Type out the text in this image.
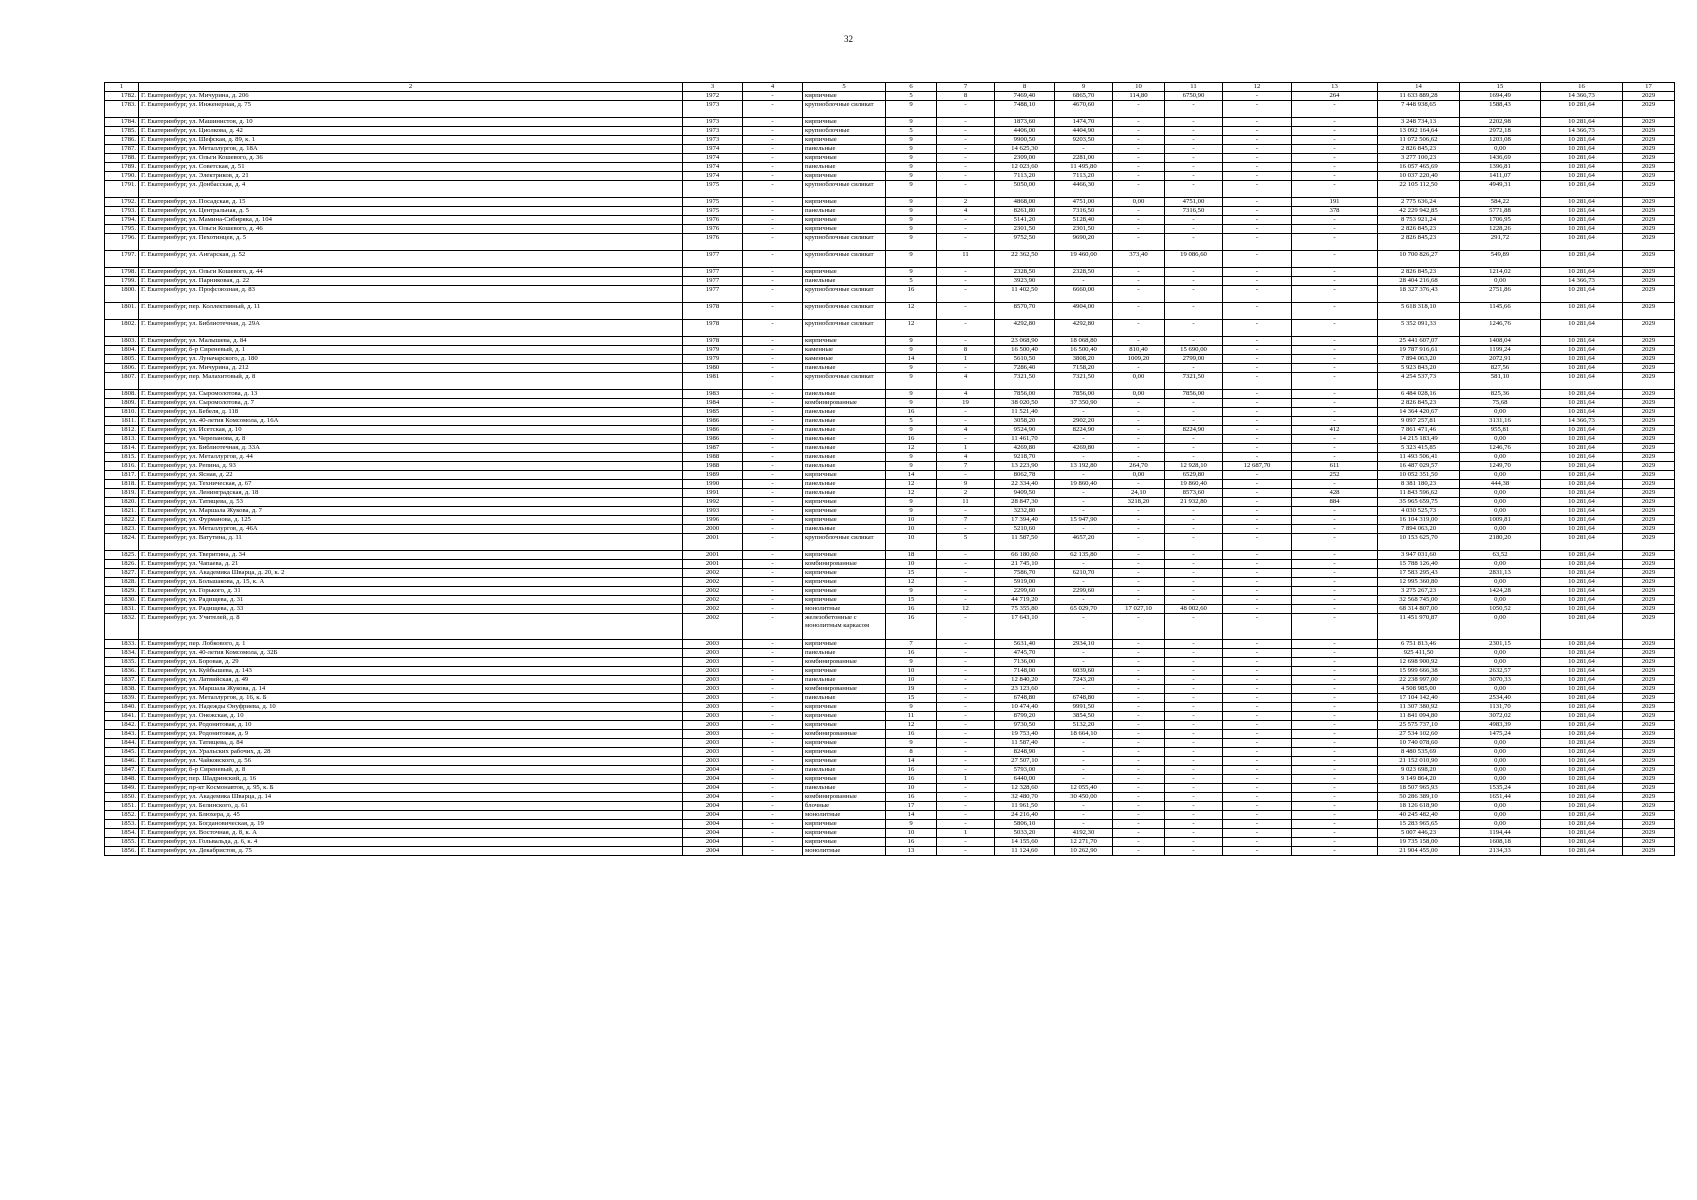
32
1	2	3	4	5	6	7	8	9	10	11	12	13	14	15	16	17
1782.	Г. Екатеринбург, ул. Мичурина, д. 206	1972	-	кирпичные	5	8	7469,40	6865,70	114,80	6750,90	-	264	11 633 889,28	1694,49	14 366,73	2029
1783.	Г. Екатеринбург, ул. Инженерная, д. 75	1973	-	крупноблочные силикат	9	-	7488,10	4670,60	-	-	-	-	7 448 938,65	1588,43	10 281,64	2029
1784.	Г. Екатеринбург, ул. Машинистов, д. 10	1973	-	кирпичные	9	-	1873,60	1474,70	-	-	-	-	3 248 734,13	2202,98	10 281,64	2029
1785.	Г. Екатеринбург, ул. Циолкова, д. 42	1973	-	крупноблочные	5	-	4406,00	4404,90	-	-	-	-	13 092 164,64	2972,18	14 366,73	2029
1786.	Г. Екатеринбург, ул. Шефская, д. 89, к. 1	1973	-	кирпичные	9	-	9900,50	9203,50	-	-	-	-	11 072 506,62	1203,08	10 281,64	2029
1787.	Г. Екатеринбург, ул. Металлургов, д. 18А	1974	-	панельные	9	-	14 625,30	-	-	-	-	-	2 826 845,23	0,00	10 281,64	2029
1788.	Г. Екатеринбург, ул. Ольги Кошевого, д. 36	1974	-	кирпичные	9	-	2309,00	2281,00	-	-	-	-	3 277 100,23	1436,69	10 281,64	2029
1789.	Г. Екатеринбург, ул. Советская, д. 51	1974	-	панельные	9	-	12 023,60	11 495,80	-	-	-	-	16 057 465,69	1396,81	10 281,64	2029
1790.	Г. Екатеринбург, ул. Электриков, д. 21	1974	-	кирпичные	9	-	7113,20	7113,20	-	-	-	-	10 037 220,40	1411,07	10 281,64	2029
1791.	Г. Екатеринбург, ул. Донбасская, д. 4	1975	-	крупноблочные силикат	9	-	5050,00	4466,30	-	-	-	-	22 105 112,50	4949,31	10 281,64	2029
1792.	Г. Екатеринбург, ул. Посадская, д. 15	1975	-	кирпичные	9	2	4868,00	4751,00	0,00	4751,00	-	191	2 775 636,24	584,22	10 281,64	2029
1793.	Г. Екатеринбург, ул. Центральная, д. 5	1975	-	панельные	9	4	8261,80	7316,50	-	7316,50	-	378	42 229 942,85	5771,88	10 281,64	2029
1794.	Г. Екатеринбург, ул. Мамина-Сибиряка, д. 104	1976	-	кирпичные	9	-	5141,20	5128,40	-	-	-	-	8 753 921,24	1706,95	10 281,64	2029
1795.	Г. Екатеринбург, ул. Ольги Кошевого, д. 46	1976	-	кирпичные	9	-	2301,50	2301,50	-	-	-	-	2 826 845,23	1228,26	10 281,64	2029
1796.	Г. Екатеринбург, ул. Пехотинцев, д. 5	1976	-	крупноблочные силикат	9	-	9752,50	9690,20	-	-	-	-	2 826 845,23	291,72	10 281,64	2029
1797.	Г. Екатеринбург, ул. Ангарская, д. 52	1977	-	крупноблочные силикат	9	11	22 362,50	19 460,00	373,40	19 086,60	-	-	10 700 826,27	549,89	10 281,64	2029
1798.	Г. Екатеринбург, ул. Ольги Кошевого, д. 44	1977	-	кирпичные	9	-	2328,50	2328,50	-	-	-	-	2 826 845,23	1214,02	10 281,64	2029
1799.	Г. Екатеринбург, ул. Парниковая, д. 22	1977	-	панельные	5	-	3923,90	-	-	-	-	-	28 404 216,68	0,00	14 366,73	2029
1800.	Г. Екатеринбург, ул. Профсоюзная, д. 83	1977	-	крупноблочные силикат	16	-	11 402,50	6660,00	-	-	-	-	18 327 376,43	2751,86	10 281,64	2029
1801.	Г. Екатеринбург, пер. Коллективный, д. 11	1978	-	крупноблочные силикат	12	-	8570,70	4904,00	-	-	-	-	5 618 318,10	1145,66	10 281,64	2029
1802.	Г. Екатеринбург, ул. Библиотечная, д. 29А	1978	-	крупноблочные силикат	12	-	4292,80	4292,80	-	-	-	-	5 352 091,33	1246,76	10 281,64	2029
1803.	Г. Екатеринбург, ул. Малышева, д. 84	1978	-	кирпичные	9	-	23 068,90	18 068,80	-	-	-	-	25 441 607,07	1408,04	10 281,64	2029
1804.	Г. Екатеринбург, б-р Сиреневый, д. 1	1979	-	каменные	9	8	16 500,40	16 500,40	810,40	15 690,00	-	-	19 787 916,61	1199,24	10 281,64	2029
1805.	Г. Екатеринбург, ул. Луначарского, д. 180	1979	-	каменные	14	1	5610,50	3808,20	1009,20	2799,00	-	-	7 894 063,20	2072,91	10 281,64	2029
1806.	Г. Екатеринбург, ул. Мичурина, д. 212	1980	-	панельные	9	-	7286,40	7158,20	-	-	-	-	5 923 843,20	827,56	10 281,64	2029
1807.	Г. Екатеринбург, пер. Малахитовый, д. 8	1981	-	крупноблочные силикат	9	4	7321,50	7321,50	0,00	7321,50	-	-	4 254 537,73	581,10	10 281,64	2029
1808.	Г. Екатеринбург, ул. Сыромолотова, д. 13	1983	-	панельные	9	4	7856,00	7856,00	0,00	7856,00	-	-	6 484 028,16	825,36	10 281,64	2029
1809.	Г. Екатеринбург, ул. Сыромолотова, д. 7	1984	-	комбинированные	9	19	38 020,50	37 350,90	-	-	-	-	2 826 845,23	75,68	10 281,64	2029
1810.	Г. Екатеринбург, ул. Бебеля, д. 118	1985	-	панельные	16	-	11 521,40	-	-	-	-	-	14 364 420,67	0,00	10 281,64	2029
1811.	Г. Екатеринбург, ул. 40-летия Комсомола, д. 16А	1986	-	панельные	5	-	3058,20	2902,20	-	-	-	-	9 097 257,81	3131,16	14 366,73	2029
1812.	Г. Екатеринбург, ул. Исетская, д. 10	1986	-	панельные	9	4	9524,90	8224,90	-	8224,90	-	412	7 861 471,46	955,81	10 281,64	2029
1813.	Г. Екатеринбург, ул. Черепанова, д. 8	1986	-	панельные	16	-	11 461,70	-	-	-	-	-	14 215 183,49	0,00	10 281,64	2029
1814.	Г. Екатеринбург, ул. Библиотечная, д. 33А	1987	-	панельные	12	1	4269,80	4269,80	-	-	-	-	5 323 415,85	1246,76	10 281,64	2029
1815.	Г. Екатеринбург, ул. Металлургов, д. 44	1988	-	панельные	9	4	9218,70	-	-	-	-	-	11 493 506,41	0,00	10 281,64	2029
1816.	Г. Екатеринбург, ул. Репина, д. 93	1988	-	панельные	9	7	13 223,90	13 192,80	264,70	12 928,10	12 687,70	611	16 487 029,57	1249,70	10 281,64	2029
1817.	Г. Екатеринбург, ул. Ясная, д. 22	1989	-	кирпичные	14	-	8062,78	-	0,00	6529,80	-	252	10 052 351,50	0,00	10 281,64	2029
1818.	Г. Екатеринбург, ул. Техническая, д. 67	1990	-	панельные	12	9	22 334,40	19 860,40	-	19 860,40	-	-	8 381 180,23	444,38	10 281,64	2029
1819.	Г. Екатеринбург, ул. Ленинградская, д. 18	1991	-	панельные	12	2	9409,50	-	24,10	8573,60	-	428	11 843 596,62	0,00	10 281,64	2029
1820.	Г. Екатеринбург, ул. Татищева, д. 53	1992	-	кирпичные	9	11	28 847,30	-	3218,20	21 932,80	-	884	35 965 659,75	0,00	10 281,64	2029
1821.	Г. Екатеринбург, ул. Маршала Жукова, д. 7	1993	-	кирпичные	9	-	3232,80	-	-	-	-	-	4 030 525,73	0,00	10 281,64	2029
1822.	Г. Екатеринбург, ул. Фурманова, д. 125	1996	-	кирпичные	10	7	17 394,40	15 947,90	-	-	-	-	16 104 319,00	1009,81	10 281,64	2029
1823.	Г. Екатеринбург, ул. Металлургов, д. 46А	2000	-	панельные	10	-	5210,60	-	-	-	-	-	7 894 063,20	0,00	10 281,64	2029
1824.	Г. Екатеринбург, ул. Ватутина, д. 11	2001	-	крупноблочные силикат	10	5	11 587,50	4657,20	-	-	-	-	10 153 625,70	2180,20	10 281,64	2029
1825.	Г. Екатеринбург, ул. Тверитина, д. 34	2001	-	кирпичные	18	-	66 180,60	62 135,80	-	-	-	-	3 947 031,60	63,52	10 281,64	2029
1826.	Г. Екатеринбург, ул. Чапаева, д. 21	2001	-	комбинированные	10	-	21 745,10	-	-	-	-	-	15 788 126,40	0,00	10 281,64	2029
1827.	Г. Екатеринбург, ул. Академика Шварца, д. 20, к. 2	2002	-	кирпичные	15	-	7586,70	6210,70	-	-	-	-	17 583 295,43	2831,13	10 281,64	2029
1828.	Г. Екатеринбург, ул. Большакова, д. 15, к. А	2002	-	кирпичные	12	-	5919,00	-	-	-	-	-	12 995 360,80	0,00	10 281,64	2029
1829.	Г. Екатеринбург, ул. Горького, д. 31	2002	-	кирпичные	9	-	2299,60	2299,60	-	-	-	-	3 275 267,23	1424,28	10 281,64	2029
1830.	Г. Екатеринбург, ул. Радищева, д. 31	2002	-	кирпичные	15	-	44 719,20	-	-	-	-	-	32 568 745,00	0,00	10 281,64	2029
1831.	Г. Екатеринбург, ул. Радищева, д. 33	2002	-	монолитные	16	12	75 355,80	65 029,70	17 027,10	48 002,60	-	-	68 314 807,00	1050,52	10 281,64	2029
1832.	Г. Екатеринбург, ул. Учителей, д. 8	2002	-	железобетонные с монолитным каркасом	16	-	17 643,10	-	-	-	-	-	11 451 970,87	0,00	10 281,64	2029
1833.	Г. Екатеринбург, пер. Лобкового, д. 1	2003	-	кирпичные	7	-	5631,40	2934,10	-	-	-	-	6 751 813,46	2301,15	10 281,64	2029
1834.	Г. Екатеринбург, ул. 40-летия Комсомола, д. 32Б	2003	-	панельные	16	-	4745,70	-	-	-	-	-	925 411,50	0,00	10 281,64	2029
1835.	Г. Екатеринбург, ул. Боровая, д. 29	2003	-	комбинированные	9	-	7136,00	-	-	-	-	-	12 698 900,92	0,00	10 281,64	2029
1836.	Г. Екатеринбург, ул. Куйбышева, д. 143	2003	-	кирпичные	10	-	7148,00	6039,60	-	-	-	-	15 999 666,38	2632,57	10 281,64	2029
1837.	Г. Екатеринбург, ул. Латвийская, д. 49	2003	-	панельные	10	-	12 840,20	7243,20	-	-	-	-	22 238 997,00	3070,33	10 281,64	2029
1838.	Г. Екатеринбург, ул. Маршала Жукова, д. 14	2003	-	комбинированные	19	-	23 123,60	-	-	-	-	-	4 508 985,00	0,00	10 281,64	2029
1839.	Г. Екатеринбург, ул. Металлургов, д. 16, к. Б	2003	-	панельные	15	-	6748,80	6748,80	-	-	-	-	17 104 142,40	2534,40	10 281,64	2029
1840.	Г. Екатеринбург, ул. Надежды Онуфриева, д. 10	2003	-	кирпичные	9	-	10 474,40	9991,50	-	-	-	-	11 307 380,92	1131,70	10 281,64	2029
1841.	Г. Екатеринбург, ул. Онежская, д. 10	2003	-	кирпичные	11	-	8799,20	3854,50	-	-	-	-	11 841 094,80	3072,02	10 281,64	2029
1842.	Г. Екатеринбург, ул. Родонитовая, д. 10	2003	-	кирпичные	12	-	9730,50	5132,20	-	-	-	-	25 575 737,10	4983,39	10 281,64	2029
1843.	Г. Екатеринбург, ул. Родонитовая, д. 9	2003	-	комбинированные	16	-	19 753,40	18 664,10	-	-	-	-	27 534 102,60	1475,24	10 281,64	2029
1844.	Г. Екатеринбург, ул. Татищева, д. 84	2003	-	кирпичные	9	-	11 587,40	-	-	-	-	-	10 740 078,60	0,00	10 281,64	2029
1845.	Г. Екатеринбург, ул. Уральских рабочих, д. 28	2003	-	кирпичные	8	-	8248,90	-	-	-	-	-	8 480 535,69	0,00	10 281,64	2029
1846.	Г. Екатеринбург, ул. Чайковского, д. 56	2003	-	кирпичные	14	-	27 507,10	-	-	-	-	-	21 152 010,90	0,00	10 281,64	2029
1847.	Г. Екатеринбург, б-р Сиреневый, д. 8	2004	-	панельные	16	-	5793,00	-	-	-	-	-	9 023 698,20	0,00	10 281,64	2029
1848.	Г. Екатеринбург, пер. Шадринский, д. 16	2004	-	кирпичные	16	1	6440,00	-	-	-	-	-	9 149 864,20	0,00	10 281,64	2029
1849.	Г. Екатеринбург, пр-кт Космонавтов, д. 95, к. Б	2004	-	панельные	10	-	12 328,60	12 055,40	-	-	-	-	18 507 965,93	1535,24	10 281,64	2029
1850.	Г. Екатеринбург, ул. Академика Шварца, д. 14	2004	-	комбинированные	16	-	32 480,70	30 450,00	-	-	-	-	50 286 389,10	1651,44	10 281,64	2029
1851.	Г. Екатеринбург, ул. Белинского, д. 61	2004	-	блочные	17	-	11 961,50	-	-	-	-	-	18 126 618,90	0,00	10 281,64	2029
1852.	Г. Екатеринбург, ул. Блюхера, д. 45	2004	-	монолитные	14	-	24 216,40	-	-	-	-	-	40 245 482,40	0,00	10 281,64	2029
1853.	Г. Екатеринбург, ул. Богдановическая, д. 19	2004	-	кирпичные	9	-	5806,10	-	-	-	-	-	15 283 965,65	0,00	10 281,64	2029
1854.	Г. Екатеринбург, ул. Восточная, д. 8, к. А	2004	-	кирпичные	10	1	5033,20	4192,30	-	-	-	-	5 007 446,23	1194,44	10 281,64	2029
1855.	Г. Екатеринбург, ул. Гольвальда, д. 6, к. 4	2004	-	кирпичные	16	-	14 155,60	12 271,70	-	-	-	-	19 735 158,00	1608,18	10 281,64	2029
1856.	Г. Екатеринбург, ул. Декабристов, д. 75	2004	-	монолитные	13	-	11 124,60	10 262,90	-	-	-	-	21 904 455,00	2134,33	10 281,64	2029
